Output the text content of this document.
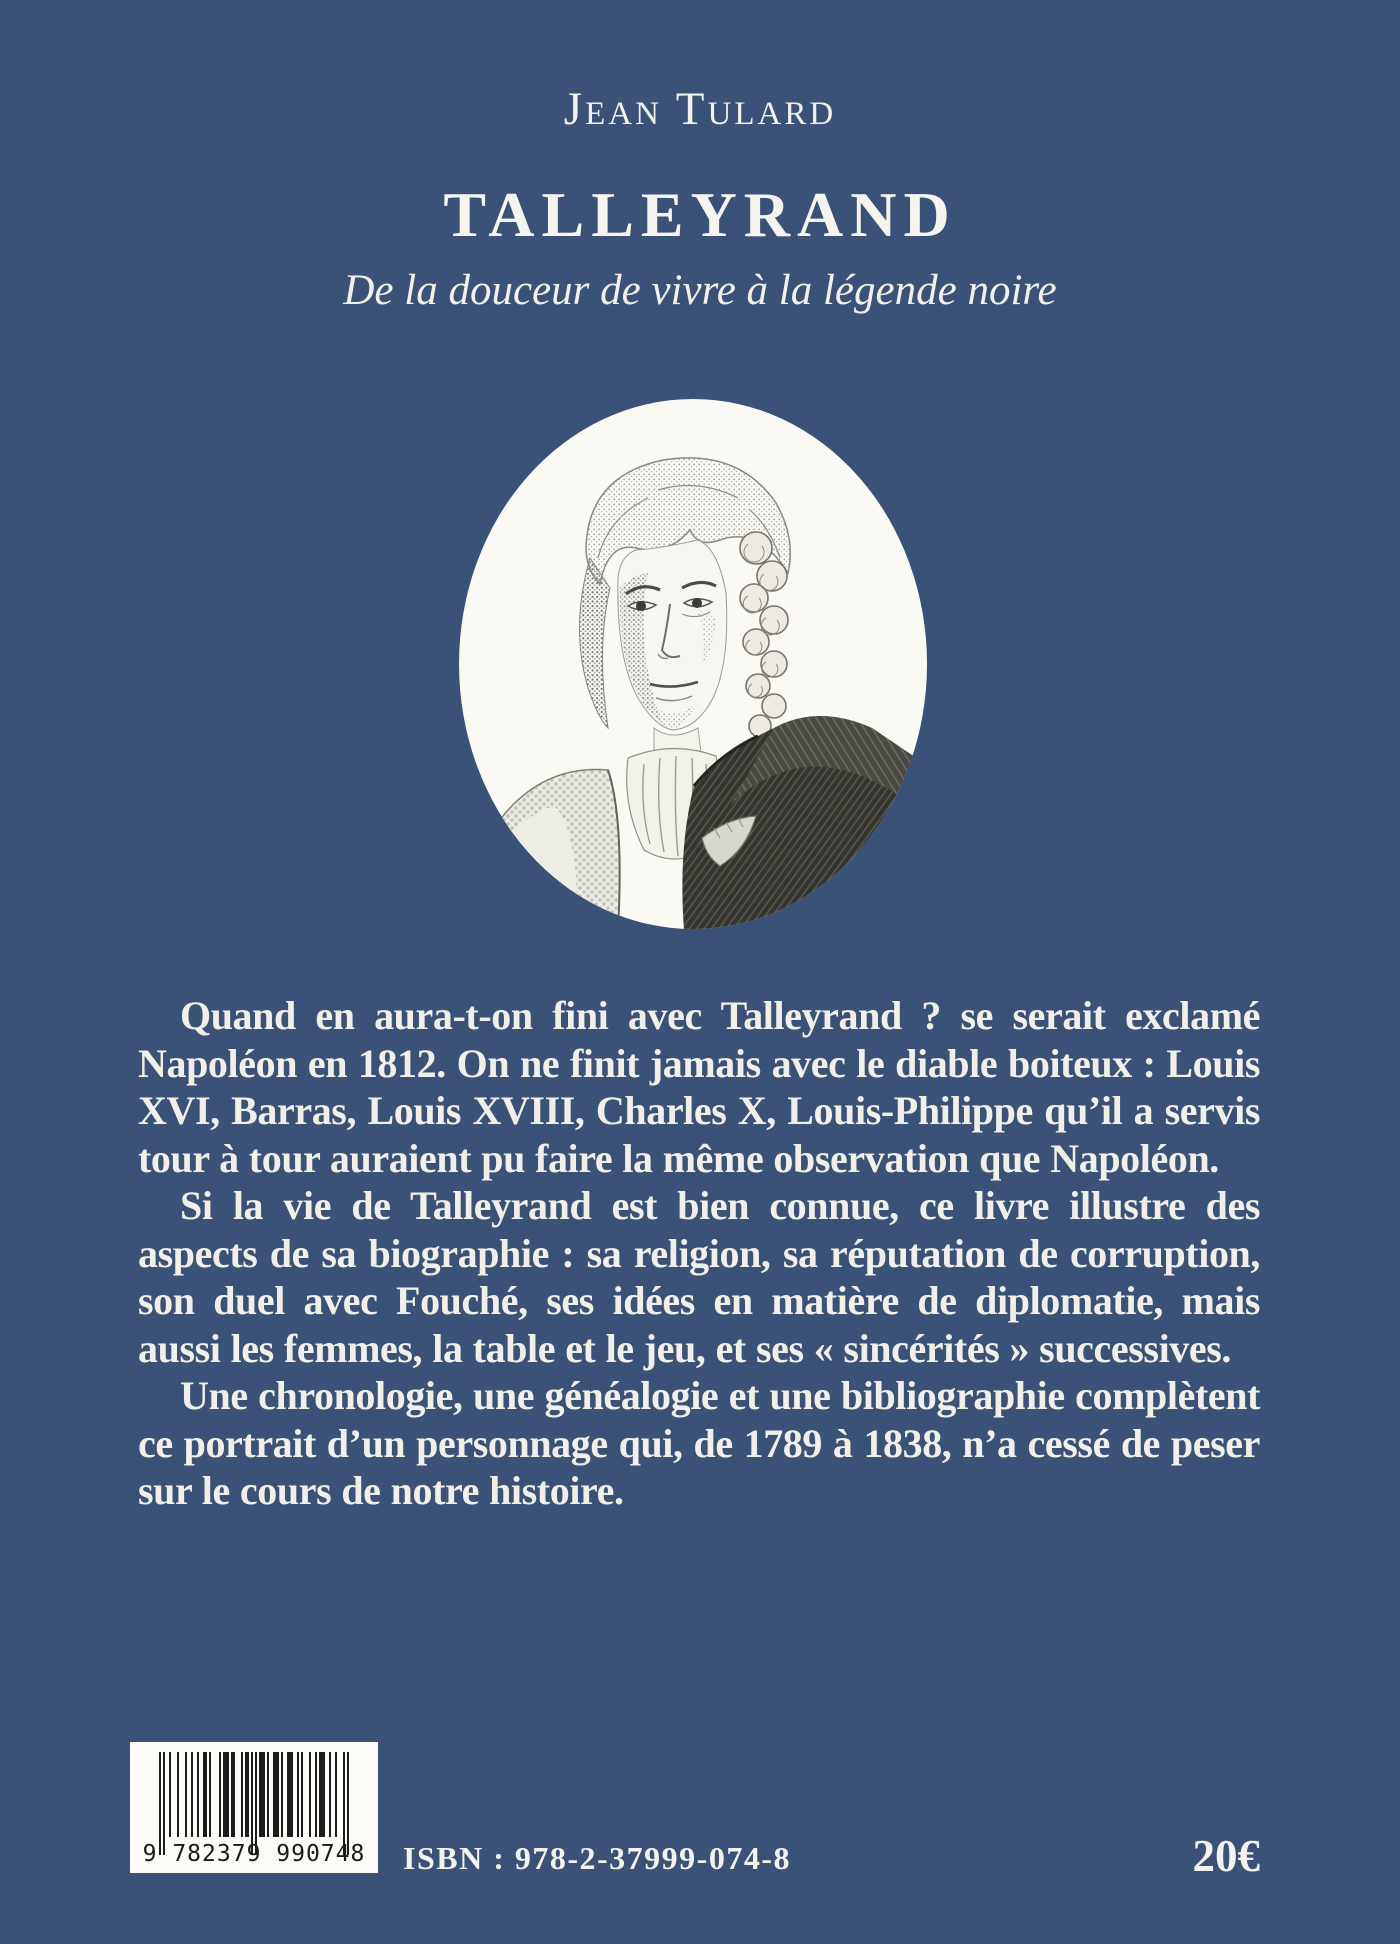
Jean Tulard
TALLEYRAND
De la douceur de vivre à la légende noire

Quand en aura-t-on fini avec Talleyrand ? se serait exclamé Napoléon en 1812. On ne finit jamais avec le diable boiteux : Louis XVI, Barras, Louis XVIII, Charles X, Louis-Philippe qu’il a servis tour à tour auraient pu faire la même observation que Napoléon.

Si la vie de Talleyrand est bien connue, ce livre illustre des aspects de sa biographie : sa religion, sa réputation de corruption, son duel avec Fouché, ses idées en matière de diplomatie, mais aussi les femmes, la table et le jeu, et ses « sincérités » successives.

Une chronologie, une généalogie et une bibliographie complètent ce portrait d’un personnage qui, de 1789 à 1838, n’a cessé de peser sur le cours de notre histoire.

9 782379 990748	ISBN : 978-2-37999-074-8	20€
